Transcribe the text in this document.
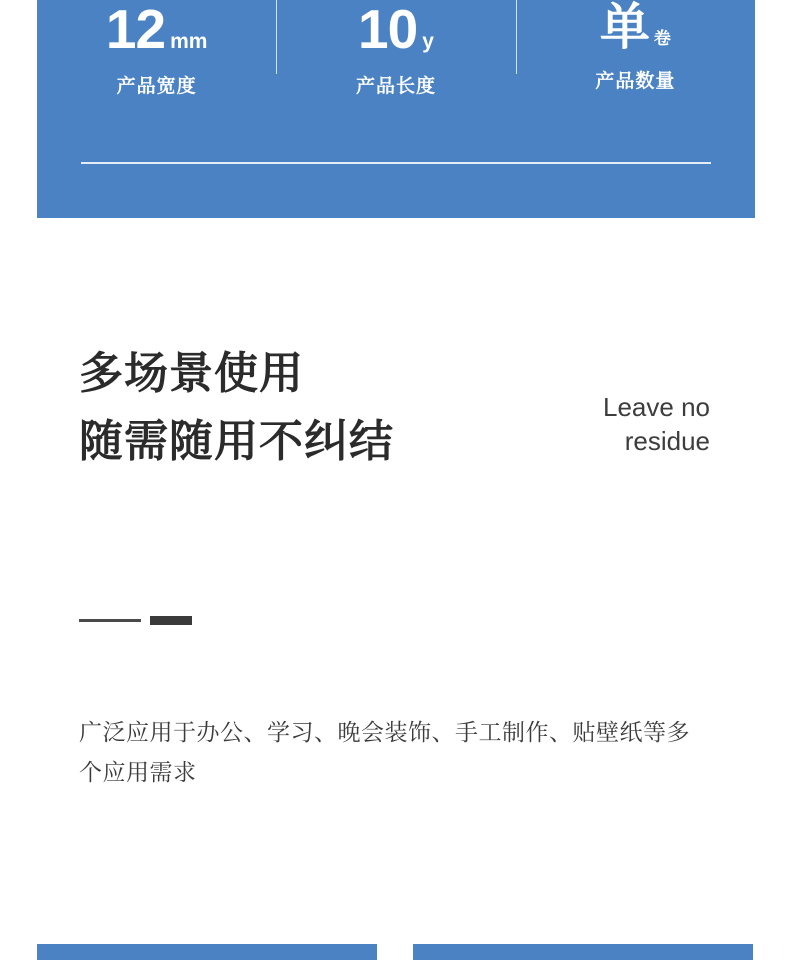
12 mm
产品宽度
10 y
产品长度
单 卷
产品数量
多场景使用
随需随用不纠结
Leave no
residue
广泛应用于办公、学习、晚会装饰、手工制作、贴壁纸等多个应用需求
